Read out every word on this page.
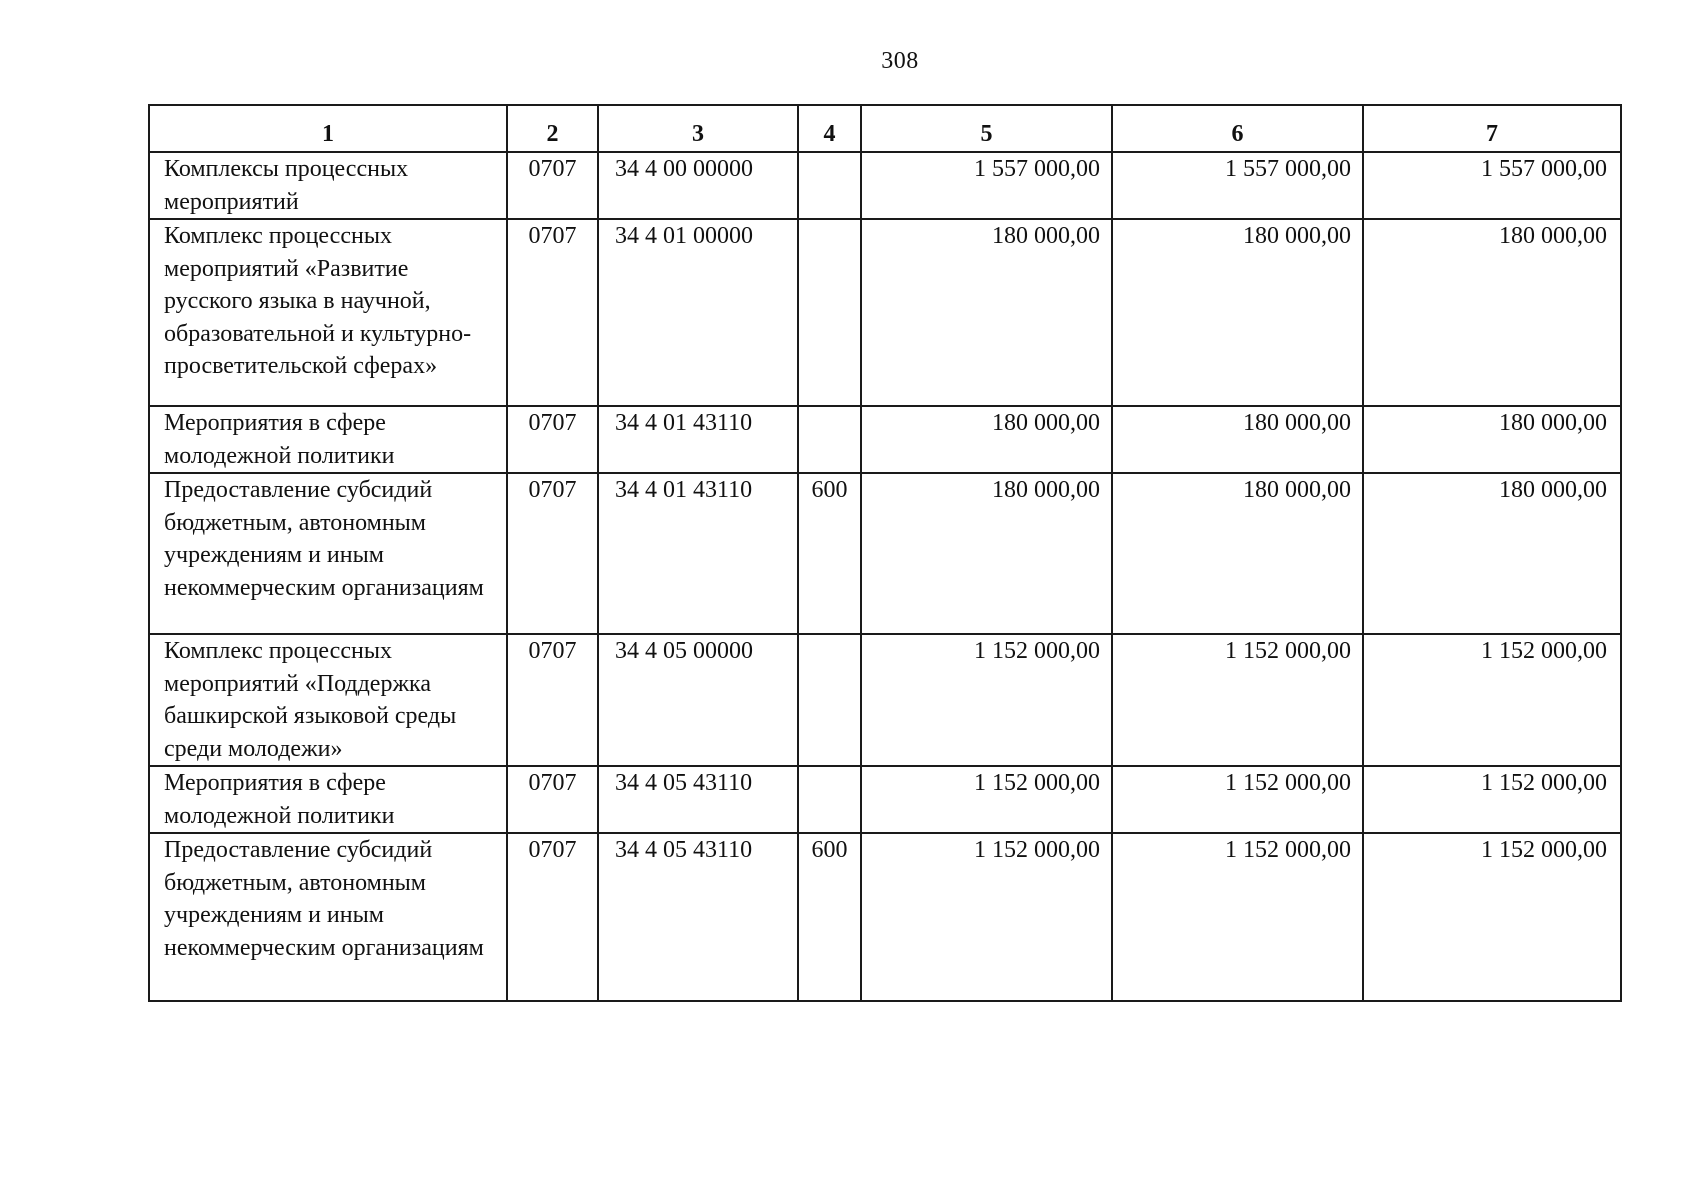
308
1	2	3	4	5	6	7
Комплексы процессных мероприятий	0707	34 4 00 00000		1 557 000,00	1 557 000,00	1 557 000,00
Комплекс процессных мероприятий «Развитие русского языка в научной, образовательной и культурно-просветительской сферах»	0707	34 4 01 00000		180 000,00	180 000,00	180 000,00
Мероприятия в сфере молодежной политики	0707	34 4 01 43110		180 000,00	180 000,00	180 000,00
Предоставление субсидий бюджетным, автономным учреждениям и иным некоммерческим организациям	0707	34 4 01 43110	600	180 000,00	180 000,00	180 000,00
Комплекс процессных мероприятий «Поддержка башкирской языковой среды среди молодежи»	0707	34 4 05 00000		1 152 000,00	1 152 000,00	1 152 000,00
Мероприятия в сфере молодежной политики	0707	34 4 05 43110		1 152 000,00	1 152 000,00	1 152 000,00
Предоставление субсидий бюджетным, автономным учреждениям и иным некоммерческим организациям	0707	34 4 05 43110	600	1 152 000,00	1 152 000,00	1 152 000,00
